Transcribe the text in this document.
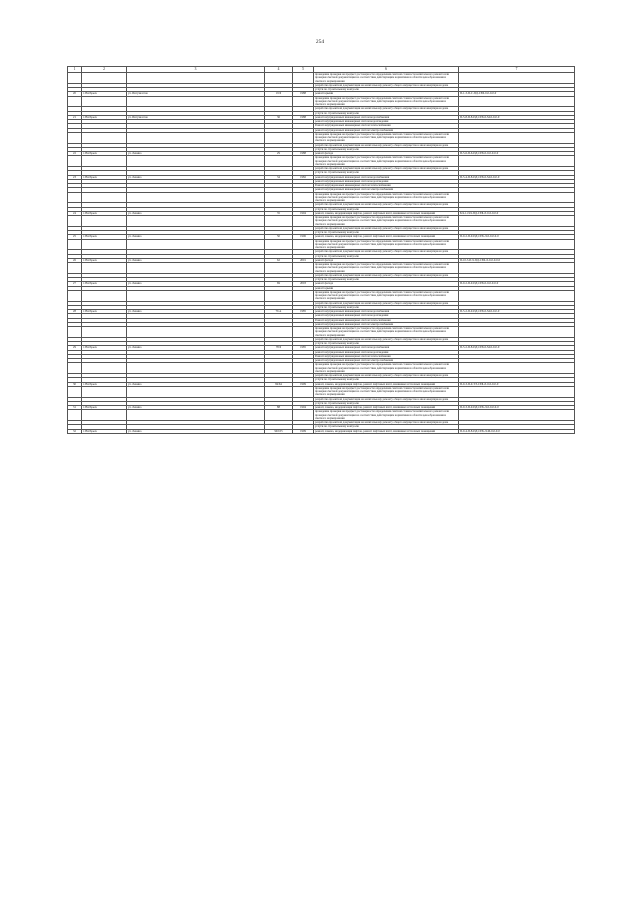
254
1	2	3	4	5	6	7
					проведение проверки на предмет достоверности определения сметной стоимости капитального ремонта или проверки сметной документации на соответствие действующим нормативам в области ценообразования и сметного нормирования	
					разработка проектной документации на капитальному ремонту общего имущества в многоквартирном доме	
					услуги по строительному контролю	
20	г. Нягбрьск	ул. Интузиазтов	19 Б	1988	ремонт крыши	П-1-3-П-С-ПД-СЕБ-0-0-0-0-0
					проведение проверки на предмет достоверности определения сметной стоимости капитального ремонта или проверки сметной документации на соответствие действующим нормативам в области ценообразования и сметного нормирования	
					разработка проектной документации на капитальному ремонту общего имущества в многоквартирном доме	
					услуги по строительному контролю	
21	г. Нягбрьск	ул. Интузиазтов	36	1988	ремонт внутридомовых инженерных систем водоснабжения	П-5-8-П-8-ПД-СЕБ-0-М-0-0-0-0
					ремонт внутридомовых инженерных систем водоотведения	
					Ремонт внутридомовых инженерных систем теплоснабжения	
					ремонт внутридомовых инженерных систем электроснабжения	
					проведение проверки на предмет достоверности определения сметной стоимости капитального ремонта или проверки сметной документации на соответствие действующим нормативам в области ценообразования и сметного нормирования	
					разработка проектной документации на капитальному ремонту общего имущества в многоквартирном доме	
					услуги по строительному контролю	
22	г. Нягбрьск	ул. Ленина	29	1988	ремонт фасада	П-5-6-П-6-ПД-СЕБ-0-0-0-0-0-0
					проведение проверки на предмет достоверности определения сметной стоимости капитального ремонта или проверки сметной документации на соответствие действующим нормативам в области ценообразования и сметного нормирования	
					разработка проектной документации на капитальному ремонту общего имущества в многоквартирном доме	
					услуги по строительному контролю	
23	г. Нягбрьск	ул. Ленина	34	1982	ремонт внутридомовых инженерных систем водоснабжения	П-5-4-П-8-ПД-СЕБ-0-М-0-0-0-0
					ремонт внутридомовых инженерных систем водоотведения	
					Ремонт внутридомовых инженерных систем теплоснабжения	
					ремонт внутридомовых инженерных систем электроснабжения	
					проведение проверки на предмет достоверности определения сметной стоимости капитального ремонта или проверки сметной документации на соответствие действующим нормативам в области ценообразования и сметного нормирования	
					разработка проектной документации на капитальному ремонту общего имущества в многоквартирном доме	
					услуги по строительному контролю	
24	г. Нягбрьск	ул. Ленина	35	1994	ремонт, замена, модернизация лифтов, ремонт лифтовых шахт, машинных и блочных помещений	Б-9-1-П-9-ПД-СЕБ-Л-0-0-0-0-0
					проведение проверки на предмет достоверности определения сметной стоимости капитального ремонта или проверки сметной документации на соответствие действующим нормативам в области ценообразования и сметного нормирования	
					разработка проектной документации на капитальному ремонту общего имущества в многоквартирном доме	
					услуги по строительному контролю	
25	г. Нягбрьск	ул. Ленина	50	1996	ремонт, замена, модернизация лифтов, ремонт лифтовых шахт, машинных и блочных помещений	П-9-2-П-9-ПД-СЕБ-Л-0-0-0-0-0
					проведение проверки на предмет достоверности определения сметной стоимости капитального ремонта или проверки сметной документации на соответствие действующим нормативам в области ценообразования и сметного нормирования	
					разработка проектной документации на капитальному ремонту общего имущества в многоквартирном доме	
					услуги по строительному контролю	
26	г. Нягбрьск	ул. Ленина	62	2001	ремонт фасада	П-10-3-П-9-ПД-СЕБ-Л-0-0-0-0-0
					проведение проверки на предмет достоверности определения сметной стоимости капитального ремонта или проверки сметной документации на соответствие действующим нормативам в области ценообразования и сметного нормирования	
					разработка проектной документации на капитальному ремонту общего имущества в многоквартирном доме	
					услуги по строительному контролю	
27	г. Нягбрьск	ул. Ленина	69	2003	ремонт фасада	П-9-2-П-9-ПД-СЕБ-0-0-0-0-0-0
					ремонт крыши	
					проведение проверки на предмет достоверности определения сметной стоимости капитального ремонта или проверки сметной документации на соответствие действующим нормативам в области ценообразования и сметного нормирования	
					разработка проектной документации на капитальному ремонту общего имущества в многоквартирном доме	
					услуги по строительному контролю	
28	г. Нягбрьск	ул. Ленина	76 А	1985	ремонт внутридомовых инженерных систем водоснабжения	П-5-2-П-9-ПД-СЕБ-0-М-0-0-0-0
					ремонт внутридомовых инженерных систем водоотведения	
					Ремонт внутридомовых инженерных систем теплоснабжения	
					ремонт внутридомовых инженерных систем электроснабжения	
					проведение проверки на предмет достоверности определения сметной стоимости капитального ремонта или проверки сметной документации на соответствие действующим нормативам в области ценообразования и сметного нормирования	
					разработка проектной документации на капитальному ремонту общего имущества в многоквартирном доме	
					услуги по строительному контролю	
29	г. Нягбрьск	ул. Ленина	78 Б	1985	ремонт внутридомовых инженерных систем водоснабжения	П-5-2-П-8-ПД-СЕБ-0-М-0-0-0-0
					ремонт внутридомовых инженерных систем водоотведения	
					Ремонт внутридомовых инженерных систем теплоснабжения	
					ремонт внутридомовых инженерных систем электроснабжения	
					проведение проверки на предмет достоверности определения сметной стоимости капитального ремонта или проверки сметной документации на соответствие действующим нормативам в области ценообразования и сметного нормирования	
					разработка проектной документации на капитальному ремонту общего имущества в многоквартирном доме	
					услуги по строительному контролю	
30	г. Нягбрьск	ул. Ленина	84/64	1999	ремонт, замена, модернизация лифтов, ремонт лифтовых шахт, машинных и блочных помещений	П-9-3-П-9-ТЭ-СЕБ-Л-0-0-0-0-0
					проведение проверки на предмет достоверности определения сметной стоимости капитального ремонта или проверки сметной документации на соответствие действующим нормативам в области ценообразования и сметного нормирования	
					разработка проектной документации на капитальному ремонту общего имущества в многоквартирном доме	
					услуги по строительному контролю	
31	г. Нягбрьск	ул. Ленина	88	1994	ремонт, замена, модернизация лифтов, ремонт лифтовых шахт, машинных и блочных помещений	П-9-3-П-9-ПД-СЕБ-Л-0-0-0-0-0
					проведение проверки на предмет достоверности определения сметной стоимости капитального ремонта или проверки сметной документации на соответствие действующим нормативам в области ценообразования и сметного нормирования	
					разработка проектной документации на капитальному ремонту общего имущества в многоквартирном доме	
					услуги по строительному контролю	
32	г. Нягбрьск	ул. Ленина	90/105	1999	ремонт, замена, модернизация лифтов, ремонт лифтовых шахт, машинных и блочных помещений	П-9-4-П-8-ПД-СЕБ-Л-М-0-0-0-0
